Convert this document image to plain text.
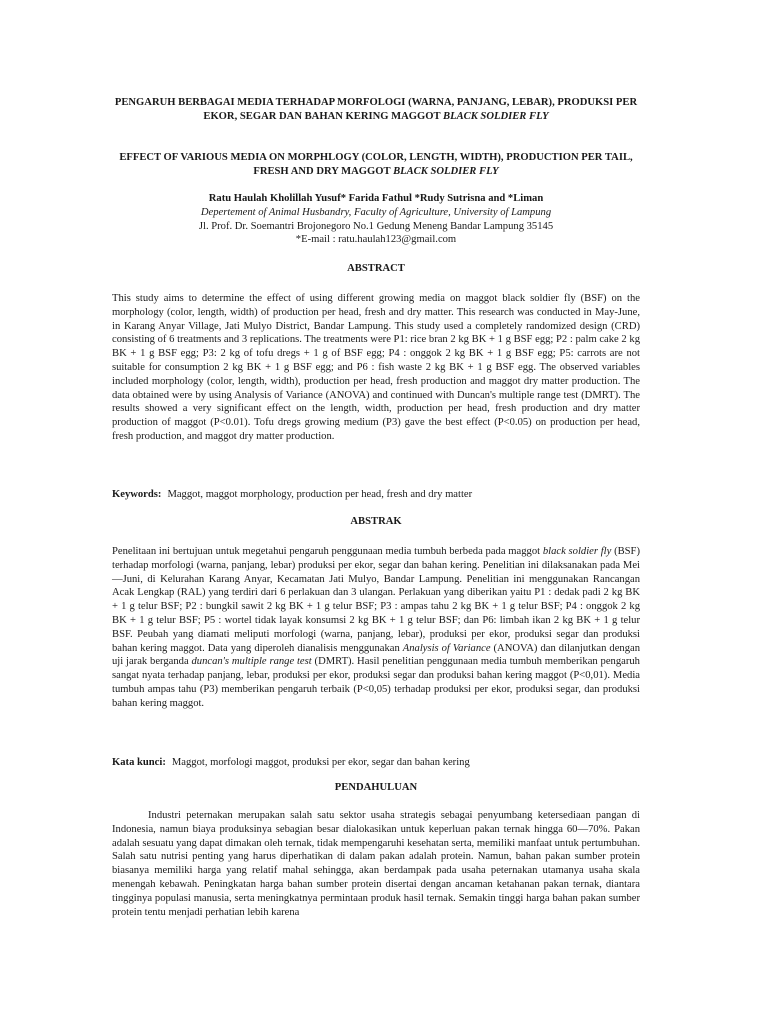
PENGARUH BERBAGAI MEDIA TERHADAP MORFOLOGI (WARNA, PANJANG, LEBAR), PRODUKSI PER EKOR, SEGAR DAN BAHAN KERING MAGGOT BLACK SOLDIER FLY
EFFECT OF VARIOUS MEDIA ON MORPHLOGY (COLOR, LENGTH, WIDTH), PRODUCTION PER TAIL, FRESH AND DRY MAGGOT BLACK SOLDIER FLY
Ratu Haulah Kholillah Yusuf* Farida Fathul *Rudy Sutrisna and *Liman
Depertement of Animal Husbandry, Faculty of Agriculture, University of Lampung
Jl. Prof. Dr. Soemantri Brojonegoro No.1 Gedung Meneng Bandar Lampung 35145
*E-mail : ratu.haulah123@gmail.com
ABSTRACT
This study aims to determine the effect of using different growing media on maggot black soldier fly (BSF) on the morphology (color, length, width) of production per head, fresh and dry matter. This research was conducted in May-June, in Karang Anyar Village, Jati Mulyo District, Bandar Lampung. This study used a completely randomized design (CRD) consisting of 6 treatments and 3 replications. The treatments were P1: rice bran 2 kg BK + 1 g BSF egg; P2 : palm cake 2 kg BK + 1 g BSF egg; P3: 2 kg of tofu dregs + 1 g of BSF egg; P4 : onggok 2 kg BK + 1 g BSF egg; P5: carrots are not suitable for consumption 2 kg BK + 1 g BSF egg; and P6 : fish waste 2 kg BK + 1 g BSF egg. The observed variables included morphology (color, length, width), production per head, fresh production and maggot dry matter production. The data obtained were by using Analysis of Variance (ANOVA) and continued with Duncan's multiple range test (DMRT). The results showed a very significant effect on the length, width, production per head, fresh production and dry matter production of maggot (P<0.01). Tofu dregs growing medium (P3) gave the best effect (P<0.05) on production per head, fresh production, and maggot dry matter production.
Keywords: Maggot, maggot morphology, production per head, fresh and dry matter
ABSTRAK
Penelitaan ini bertujuan untuk megetahui pengaruh penggunaan media tumbuh berbeda pada maggot black soldier fly (BSF) terhadap morfologi (warna, panjang, lebar) produksi per ekor, segar dan bahan kering. Penelitian ini dilaksanakan pada Mei—Juni, di Kelurahan Karang Anyar, Kecamatan Jati Mulyo, Bandar Lampung. Penelitian ini menggunakan Rancangan Acak Lengkap (RAL) yang terdiri dari 6 perlakuan dan 3 ulangan. Perlakuan yang diberikan yaitu P1 : dedak padi 2 kg BK + 1 g telur BSF; P2 : bungkil sawit 2 kg BK + 1 g telur BSF; P3 : ampas tahu 2 kg BK + 1 g telur BSF; P4 : onggok 2 kg BK + 1 g telur BSF; P5 : wortel tidak layak konsumsi 2 kg BK + 1 g telur BSF; dan P6: limbah ikan 2 kg BK + 1 g telur BSF. Peubah yang diamati meliputi morfologi (warna, panjang, lebar), produksi per ekor, produksi segar dan produksi bahan kering maggot. Data yang diperoleh dianalisis menggunakan Analysis of Variance (ANOVA) dan dilanjutkan dengan uji jarak berganda duncan's multiple range test (DMRT). Hasil penelitian penggunaan media tumbuh memberikan pengaruh sangat nyata terhadap panjang, lebar, produksi per ekor, produksi segar dan produksi bahan kering maggot (P<0,01). Media tumbuh ampas tahu (P3) memberikan pengaruh terbaik (P<0,05) terhadap produksi per ekor, produksi segar, dan produksi bahan kering maggot.
Kata kunci: Maggot, morfologi maggot, produksi per ekor, segar dan bahan kering
PENDAHULUAN
Industri peternakan merupakan salah satu sektor usaha strategis sebagai penyumbang ketersediaan pangan di Indonesia, namun biaya produksinya sebagian besar dialokasikan untuk keperluan pakan ternak hingga 60—70%. Pakan adalah sesuatu yang dapat dimakan oleh ternak, tidak mempengaruhi kesehatan serta, memiliki manfaat untuk pertumbuhan. Salah satu nutrisi penting yang harus diperhatikan di dalam pakan adalah protein. Namun, bahan pakan sumber protein biasanya memiliki harga yang relatif mahal sehingga, akan berdampak pada usaha peternakan utamanya usaha skala menengah kebawah. Peningkatan harga bahan sumber protein disertai dengan ancaman ketahanan pakan ternak, diantara tingginya populasi manusia, serta meningkatnya permintaan produk hasil ternak. Semakin tinggi harga bahan pakan sumber protein tentu menjadi perhatian lebih karena
